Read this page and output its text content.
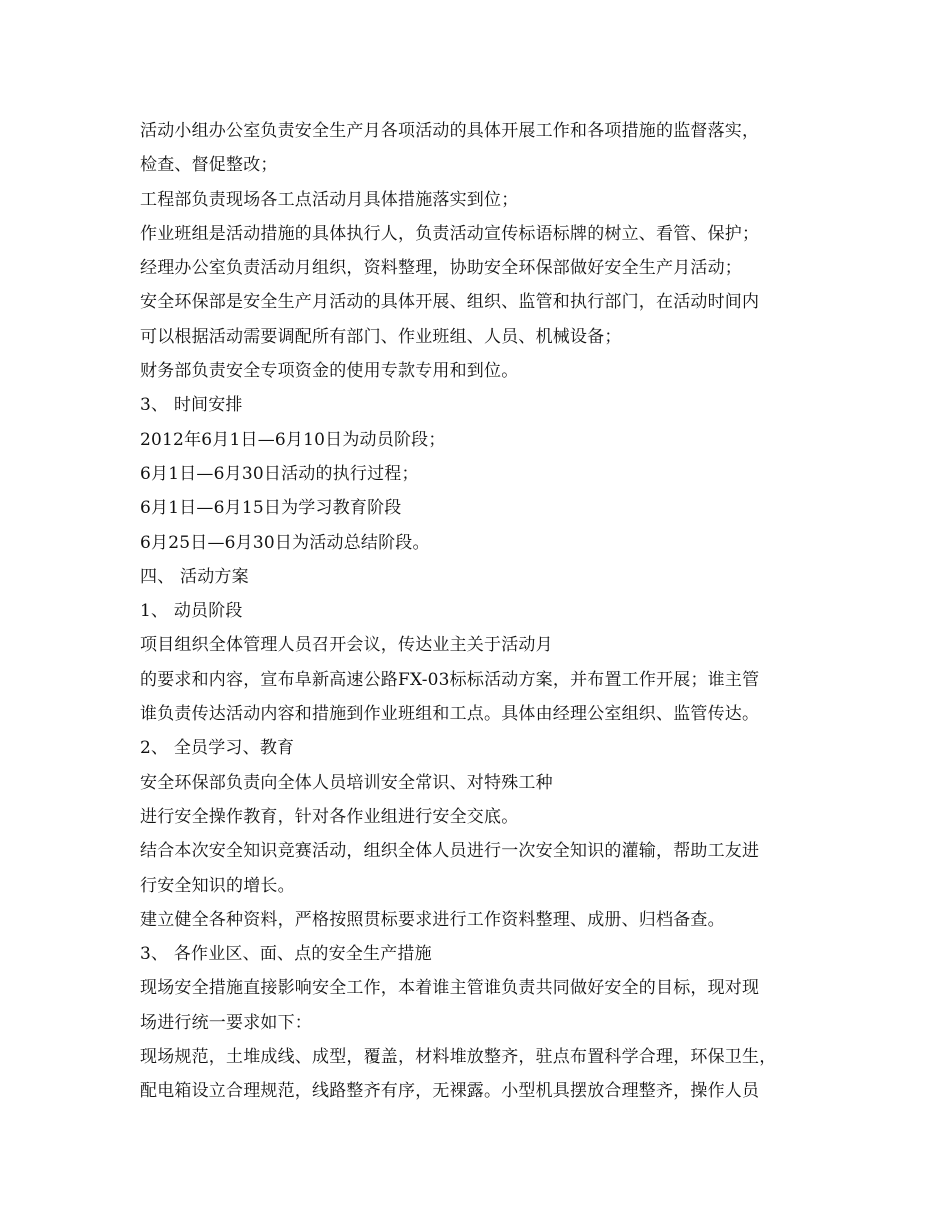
活动小组办公室负责安全生产月各项活动的具体开展工作和各项措施的监督落实，
检查、督促整改；
工程部负责现场各工点活动月具体措施落实到位；
作业班组是活动措施的具体执行人，负责活动宣传标语标牌的树立、看管、保护；
经理办公室负责活动月组织，资料整理，协助安全环保部做好安全生产月活动；
安全环保部是安全生产月活动的具体开展、组织、监管和执行部门，在活动时间内
可以根据活动需要调配所有部门、作业班组、人员、机械设备；
财务部负责安全专项资金的使用专款专用和到位。
3、 时间安排
2012年6月1日—6月10日为动员阶段；
6月1日—6月30日活动的执行过程；
6月1日—6月15日为学习教育阶段
6月25日—6月30日为活动总结阶段。
四、 活动方案
1、 动员阶段
项目组织全体管理人员召开会议，传达业主关于活动月
的要求和内容，宣布阜新高速公路FX-03标标活动方案，并布置工作开展；谁主管
谁负责传达活动内容和措施到作业班组和工点。具体由经理公室组织、监管传达。
2、 全员学习、教育
安全环保部负责向全体人员培训安全常识、对特殊工种
进行安全操作教育，针对各作业组进行安全交底。
结合本次安全知识竞赛活动，组织全体人员进行一次安全知识的灌输，帮助工友进
行安全知识的增长。
建立健全各种资料，严格按照贯标要求进行工作资料整理、成册、归档备查。
3、 各作业区、面、点的安全生产措施
现场安全措施直接影响安全工作，本着谁主管谁负责共同做好安全的目标，现对现
场进行统一要求如下：
现场规范，土堆成线、成型，覆盖，材料堆放整齐，驻点布置科学合理，环保卫生，
配电箱设立合理规范，线路整齐有序，无裸露。小型机具摆放合理整齐，操作人员
